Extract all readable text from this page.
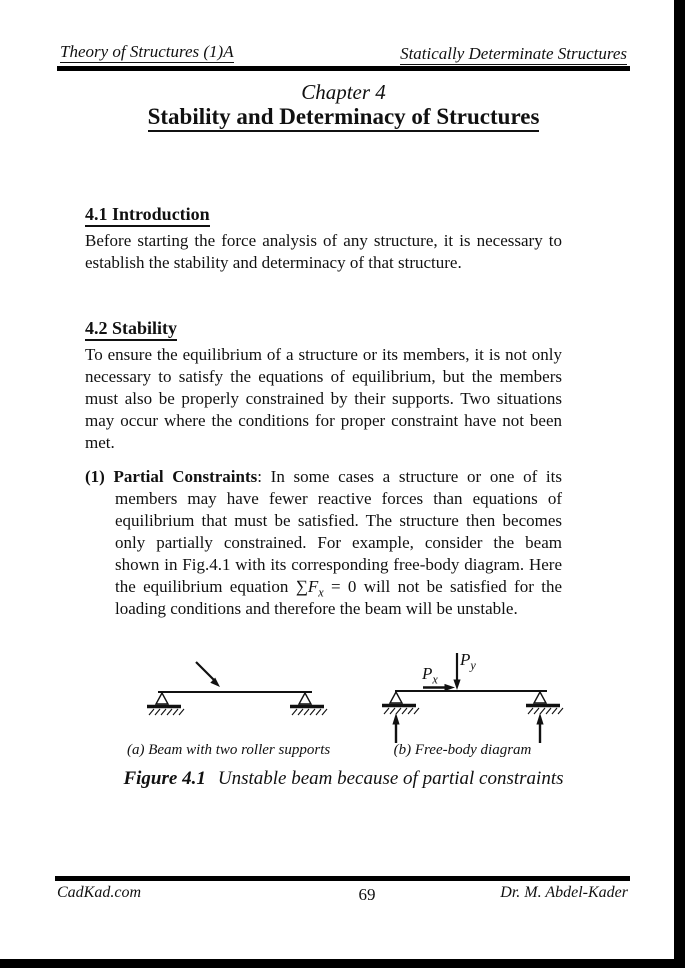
Theory of Structures (1)A	Statically Determinate Structures
Chapter 4
Stability and Determinacy of Structures
4.1 Introduction

Before starting the force analysis of any structure, it is necessary to establish the stability and determinacy of that structure.

4.2 Stability

To ensure the equilibrium of a structure or its members, it is not only necessary to satisfy the equations of equilibrium, but the members must also be properly constrained by their supports. Two situations may occur where the conditions for proper constraint have not been met.

(1) Partial Constraints: In some cases a structure or one of its members may have fewer reactive forces than equations of equilibrium that must be satisfied. The structure then becomes only partially constrained. For example, consider the beam shown in Fig.4.1 with its corresponding free-body diagram. Here the equilibrium equation $\sum F_x = 0$ will not be satisfied for the loading conditions and therefore the beam will be unstable.

$P_x$
$P_y$
(a) Beam with two roller supports	(b) Free-body diagram
Figure 4.1 Unstable beam because of partial constraints
CadKad.com	69	Dr. M. Abdel-Kader
